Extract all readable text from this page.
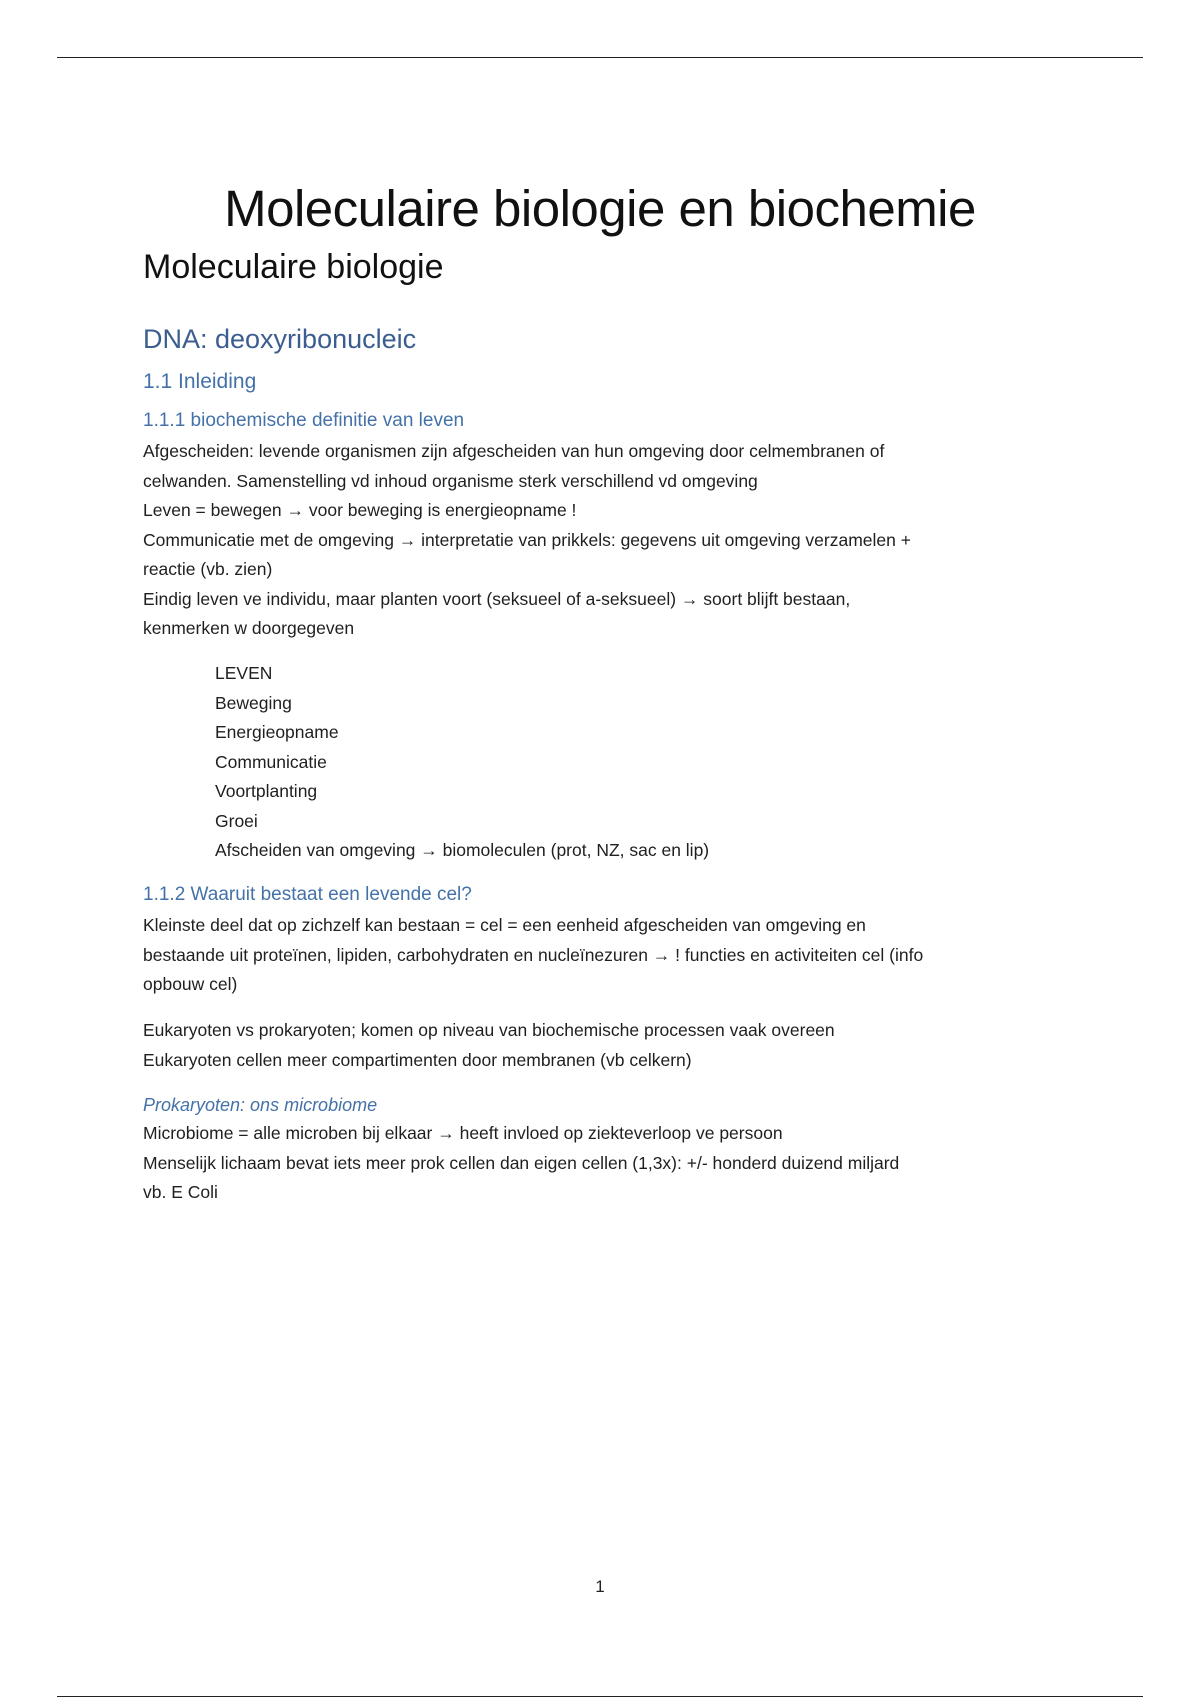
Moleculaire biologie en biochemie
Moleculaire biologie
DNA: deoxyribonucleic
1.1 Inleiding
1.1.1 biochemische definitie van leven

Afgescheiden: levende organismen zijn afgescheiden van hun omgeving door celmembranen of

celwanden. Samenstelling vd inhoud organisme sterk verschillend vd omgeving

Leven = bewegen → voor beweging is energieopname !

Communicatie met de omgeving → interpretatie van prikkels: gegevens uit omgeving verzamelen +

reactie (vb. zien)

Eindig leven ve individu, maar planten voort (seksueel of a-seksueel) → soort blijft bestaan,

kenmerken w doorgegeven

LEVEN
Beweging
Energieopname
Communicatie
Voortplanting
Groei
Afscheiden van omgeving → biomoleculen (prot, NZ, sac en lip)
1.1.2 Waaruit bestaat een levende cel?

Kleinste deel dat op zichzelf kan bestaan = cel = een eenheid afgescheiden van omgeving en

bestaande uit proteïnen, lipiden, carbohydraten en nucleïnezuren → ! functies en activiteiten cel (info

opbouw cel)

Eukaryoten vs prokaryoten; komen op niveau van biochemische processen vaak overeen

Eukaryoten cellen meer compartimenten door membranen (vb celkern)

Prokaryoten: ons microbiome

Microbiome = alle microben bij elkaar → heeft invloed op ziekteverloop ve persoon

Menselijk lichaam bevat iets meer prok cellen dan eigen cellen (1,3x): +/- honderd duizend miljard

vb. E Coli

1
